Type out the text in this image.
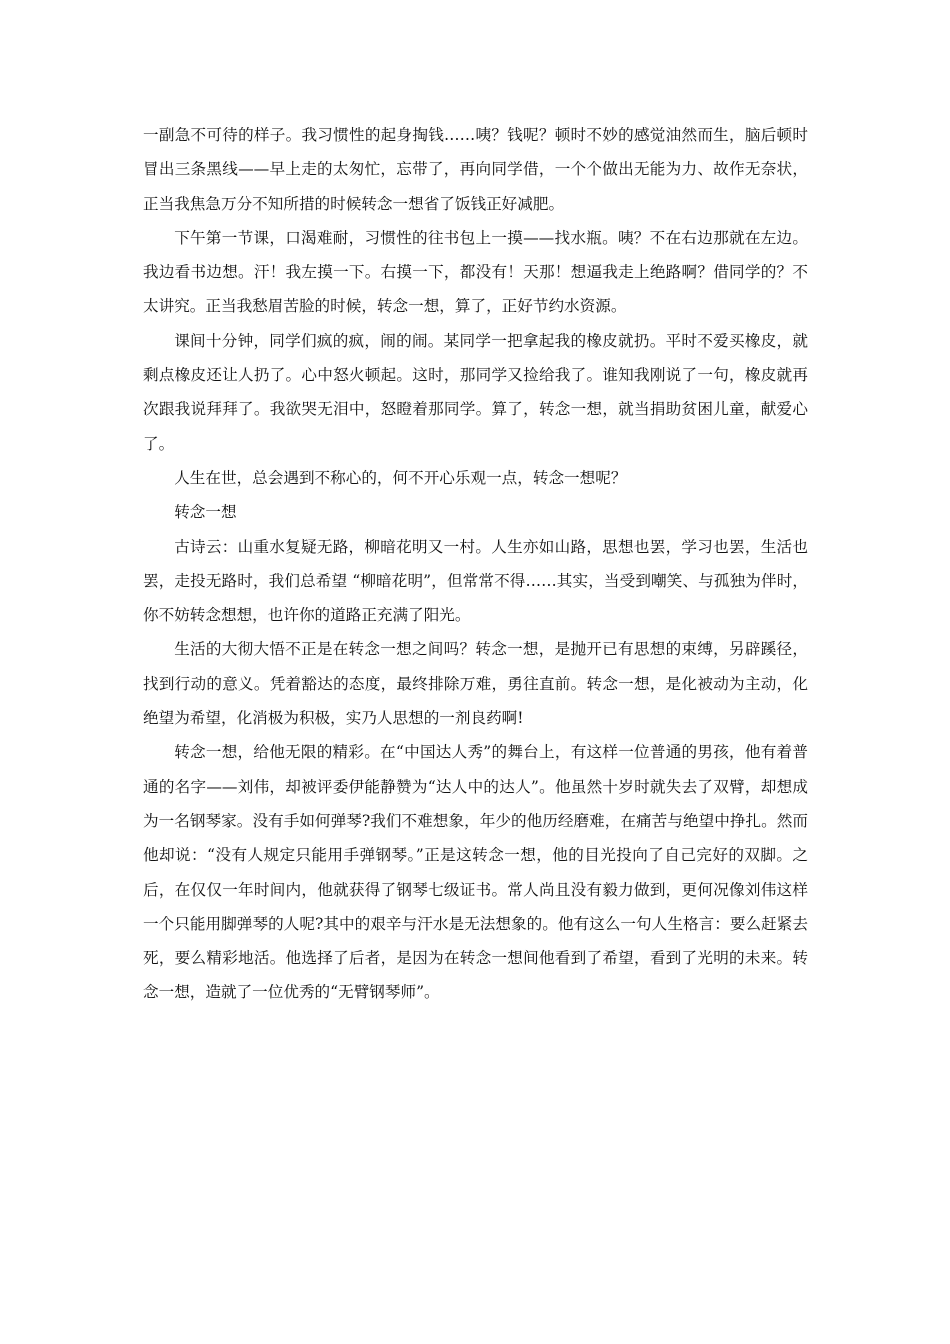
一副急不可待的样子。我习惯性的起身掏钱……咦？钱呢？顿时不妙的感觉油然而生，脑后顿时冒出三条黑线——早上走的太匆忙，忘带了，再向同学借，一个个做出无能为力、故作无奈状，正当我焦急万分不知所措的时候转念一想省了饭钱正好减肥。

下午第一节课，口渴难耐，习惯性的往书包上一摸——找水瓶。咦？不在右边那就在左边。我边看书边想。汗！我左摸一下。右摸一下，都没有！天那！想逼我走上绝路啊？借同学的？不太讲究。正当我愁眉苦脸的时候，转念一想，算了，正好节约水资源。

课间十分钟，同学们疯的疯，闹的闹。某同学一把拿起我的橡皮就扔。平时不爱买橡皮，就剩点橡皮还让人扔了。心中怒火顿起。这时，那同学又捡给我了。谁知我刚说了一句，橡皮就再次跟我说拜拜了。我欲哭无泪中，怒瞪着那同学。算了，转念一想，就当捐助贫困儿童，献爱心了。

人生在世，总会遇到不称心的，何不开心乐观一点，转念一想呢？

转念一想

古诗云：山重水复疑无路，柳暗花明又一村。人生亦如山路，思想也罢，学习也罢，生活也罢，走投无路时，我们总希望 “柳暗花明”，但常常不得……其实，当受到嘲笑、与孤独为伴时，你不妨转念想想，也许你的道路正充满了阳光。

生活的大彻大悟不正是在转念一想之间吗？转念一想，是抛开已有思想的束缚，另辟蹊径，找到行动的意义。凭着豁达的态度，最终排除万难，勇往直前。转念一想，是化被动为主动，化绝望为希望，化消极为积极，实乃人思想的一剂良药啊!

转念一想，给他无限的精彩。在“中国达人秀”的舞台上，有这样一位普通的男孩，他有着普通的名字——刘伟，却被评委伊能静赞为“达人中的达人”。他虽然十岁时就失去了双臂，却想成为一名钢琴家。没有手如何弹琴?我们不难想象，年少的他历经磨难，在痛苦与绝望中挣扎。然而他却说：“没有人规定只能用手弹钢琴。”正是这转念一想，他的目光投向了自己完好的双脚。之后，在仅仅一年时间内，他就获得了钢琴七级证书。常人尚且没有毅力做到，更何况像刘伟这样一个只能用脚弹琴的人呢?其中的艰辛与汗水是无法想象的。他有这么一句人生格言：要么赶紧去死，要么精彩地活。他选择了后者，是因为在转念一想间他看到了希望，看到了光明的未来。转念一想，造就了一位优秀的“无臂钢琴师”。
